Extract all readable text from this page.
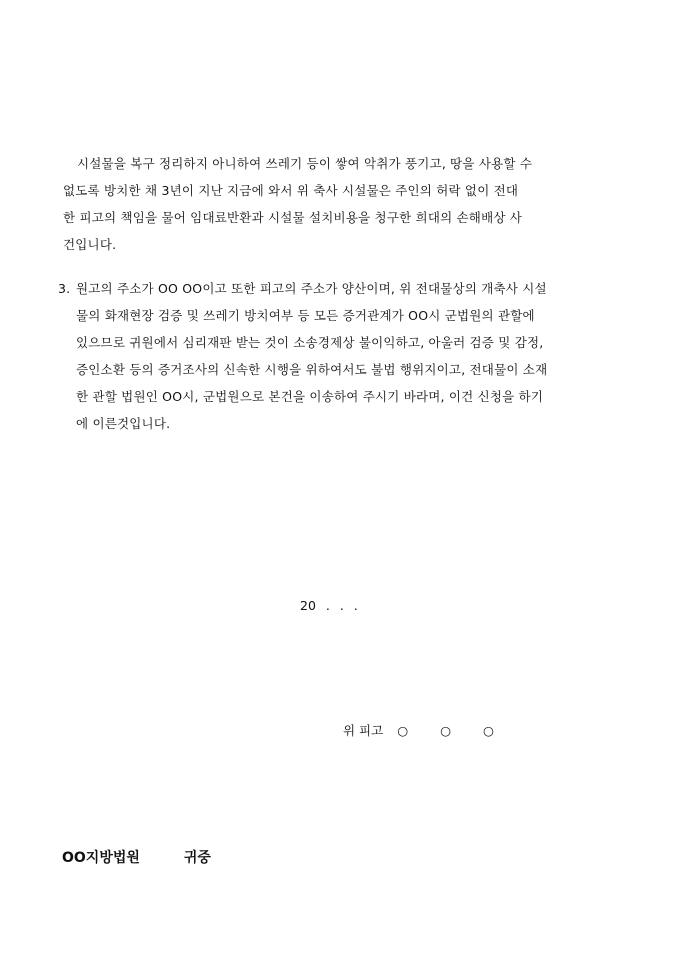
시설물을 복구 정리하지 아니하여 쓰레기 등이 쌓여 악취가 풍기고, 땅을 사용할 수
없도록 방치한 채 3년이 지난 지금에 와서 위 축사 시설물은 주인의 허락 없이 전대
한 피고의 책임을 물어 임대료반환과 시설물 설치비용을 청구한 희대의 손해배상 사
건입니다.
3. 원고의 주소가 OO OO이고 또한 피고의 주소가 양산이며, 위 전대물상의 개축사 시설
물의 화재현장 검증 및 쓰레기 방치여부 등 모든 증거관계가 OO시 군법원의 관할에
있으므로 귀원에서 심리재판 받는 것이 소송경제상 불이익하고, 아울러 검증 및 감정,
증인소환 등의 증거조사의 신속한 시행을 위하여서도 불법 행위지이고, 전대물이 소재
한 관할 법원인 OO시, 군법원으로 본건을 이송하여 주시기 바라며, 이건 신청을 하기
에 이른것입니다.
20 . . .
위 피고 ○ ○ ○
OO지방법원	귀중
